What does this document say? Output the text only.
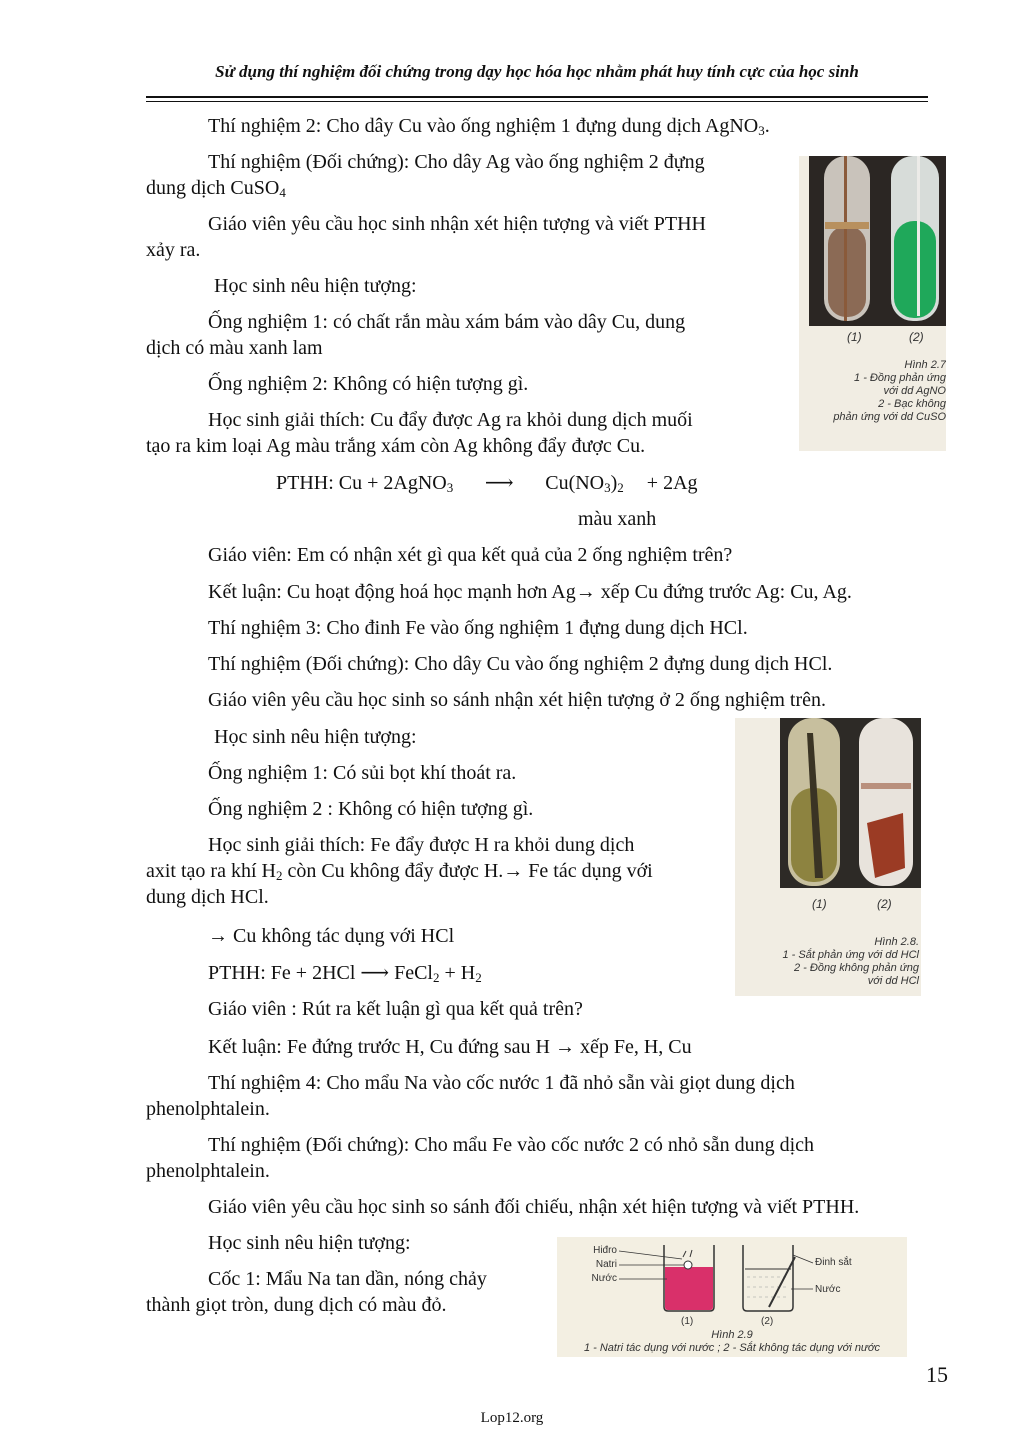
Sử dụng thí nghiệm đối chứng trong dạy học hóa học nhằm phát huy tính cực của học sinh
Thí nghiệm 2: Cho dây Cu vào ống nghiệm 1 đựng dung dịch AgNO$_3$.
Thí nghiệm (Đối chứng): Cho dây Ag vào ống nghiệm 2 đựng
dung dịch CuSO$_4$
Giáo viên yêu cầu học sinh nhận xét hiện tượng và viết PTHH
xảy ra.
Học sinh nêu hiện tượng:
Ống nghiệm 1: có chất rắn màu xám bám vào dây Cu, dung
dịch có màu xanh lam
Ống nghiệm 2: Không có hiện tượng gì.
Học sinh giải thích: Cu đẩy được Ag ra khỏi dung dịch muối
tạo ra kim loại Ag màu trắng xám còn Ag không đẩy được Cu.
PTHH: Cu + 2AgNO$_3$ ⟶ $Cu(NO_3)_2 + 2Ag$
màu xanh
Giáo viên: Em có nhận xét gì qua kết quả của 2 ống nghiệm trên?
Kết luận: Cu hoạt động hoá học mạnh hơn Ag→ xếp Cu đứng trước Ag: Cu, Ag.
Thí nghiệm 3: Cho đinh Fe vào ống nghiệm 1 đựng dung dịch HCl.
Thí nghiệm (Đối chứng): Cho dây Cu vào ống nghiệm 2 đựng dung dịch HCl.
Giáo viên yêu cầu học sinh so sánh nhận xét hiện tượng ở 2 ống nghiệm trên.
Học sinh nêu hiện tượng:
Ống nghiệm 1: Có sủi bọt khí thoát ra.
Ống nghiệm 2 : Không có hiện tượng gì.
Học sinh giải thích: Fe đẩy được H ra khỏi dung dịch
axit tạo ra khí $H_2$ còn Cu không đẩy được H.→ Fe tác dụng với
dung dịch HCl.
→ Cu không tác dụng với HCl
PTHH: Fe + 2HCl ⟶ FeCl$_2$ + $H_2$
Giáo viên : Rút ra kết luận gì qua kết quả trên?
Kết luận: Fe đứng trước H, Cu đứng sau H → xếp Fe, H, Cu
Thí nghiệm 4: Cho mẩu Na vào cốc nước 1 đã nhỏ sẵn vài giọt dung dịch
phenolphtalein.
Thí nghiệm (Đối chứng): Cho mẩu Fe vào cốc nước 2 có nhỏ sẵn dung dịch
phenolphtalein.
Giáo viên yêu cầu học sinh so sánh đối chiếu, nhận xét hiện tượng và viết PTHH.
Học sinh nêu hiện tượng:
Cốc 1: Mẩu Na tan dần, nóng chảy
thành giọt tròn, dung dịch có màu đỏ.
(1)	(2)
Hình 2.7
1 - Đồng phản ứng
với dd AgNO
2 - Bạc không
phản ứng với dd CuSO
(1)	(2)
Hình 2.8.
1 - Sắt phản ứng với dd HCl
2 - Đồng không phản ứng
với dd HCl
Hiđro
Natri
Nước
Đinh sắt
Nước
(1)	(2)
Hình 2.9
1 - Natri tác dụng với nước ; 2 - Sắt không tác dụng với nước
15
Lop12.org
